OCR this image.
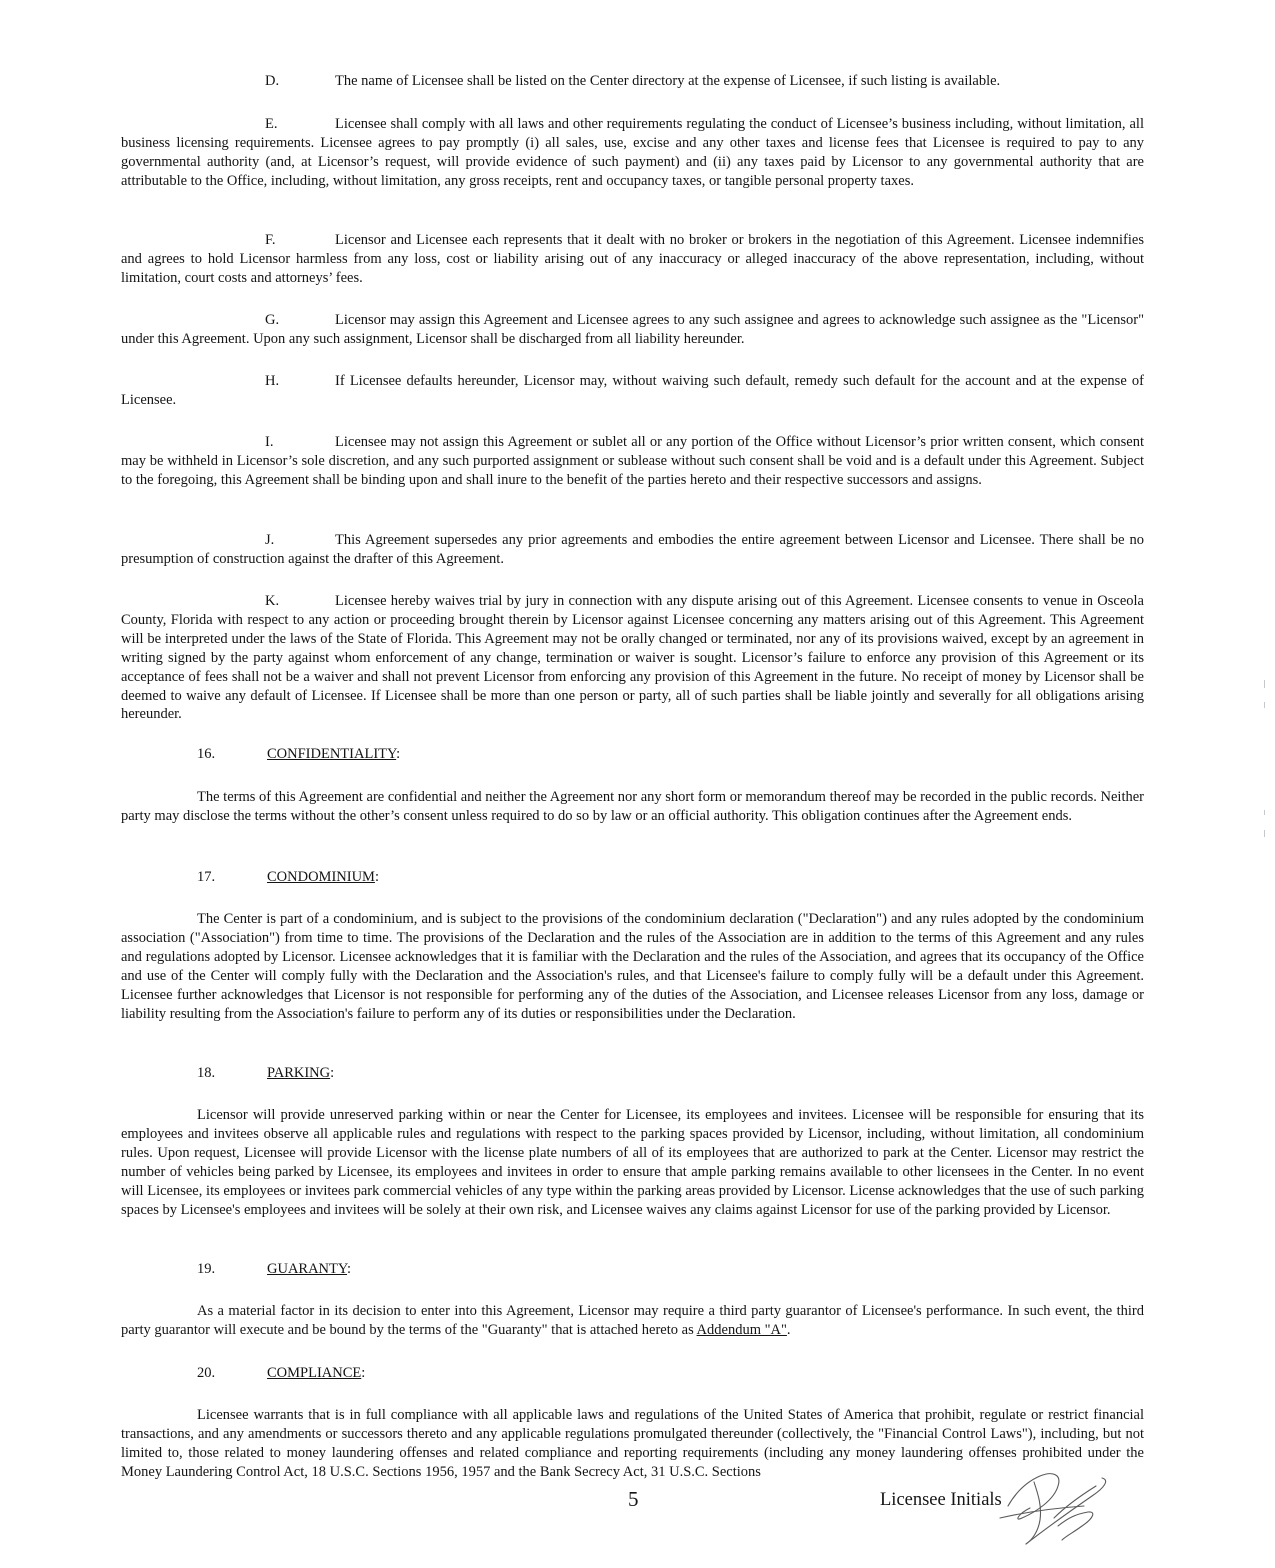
D.	The name of Licensee shall be listed on the Center directory at the expense of Licensee, if such listing is available.

E.	Licensee shall comply with all laws and other requirements regulating the conduct of Licensee’s business including, without limitation, all business licensing requirements. Licensee agrees to pay promptly (i) all sales, use, excise and any other taxes and license fees that Licensee is required to pay to any governmental authority (and, at Licensor’s request, will provide evidence of such payment) and (ii) any taxes paid by Licensor to any governmental authority that are attributable to the Office, including, without limitation, any gross receipts, rent and occupancy taxes, or tangible personal property taxes.

F.	Licensor and Licensee each represents that it dealt with no broker or brokers in the negotiation of this Agreement. Licensee indemnifies and agrees to hold Licensor harmless from any loss, cost or liability arising out of any inaccuracy or alleged inaccuracy of the above representation, including, without limitation, court costs and attorneys’ fees.

G.	Licensor may assign this Agreement and Licensee agrees to any such assignee and agrees to acknowledge such assignee as the "Licensor" under this Agreement. Upon any such assignment, Licensor shall be discharged from all liability hereunder.

H.	If Licensee defaults hereunder, Licensor may, without waiving such default, remedy such default for the account and at the expense of Licensee.

I.	Licensee may not assign this Agreement or sublet all or any portion of the Office without Licensor’s prior written consent, which consent may be withheld in Licensor’s sole discretion, and any such purported assignment or sublease without such consent shall be void and is a default under this Agreement. Subject to the foregoing, this Agreement shall be binding upon and shall inure to the benefit of the parties hereto and their respective successors and assigns.

J.	This Agreement supersedes any prior agreements and embodies the entire agreement between Licensor and Licensee. There shall be no presumption of construction against the drafter of this Agreement.

K.	Licensee hereby waives trial by jury in connection with any dispute arising out of this Agreement. Licensee consents to venue in Osceola County, Florida with respect to any action or proceeding brought therein by Licensor against Licensee concerning any matters arising out of this Agreement. This Agreement will be interpreted under the laws of the State of Florida. This Agreement may not be orally changed or terminated, nor any of its provisions waived, except by an agreement in writing signed by the party against whom enforcement of any change, termination or waiver is sought. Licensor’s failure to enforce any provision of this Agreement or its acceptance of fees shall not be a waiver and shall not prevent Licensor from enforcing any provision of this Agreement in the future. No receipt of money by Licensor shall be deemed to waive any default of Licensee. If Licensee shall be more than one person or party, all of such parties shall be liable jointly and severally for all obligations arising hereunder.

16.	CONFIDENTIALITY:

The terms of this Agreement are confidential and neither the Agreement nor any short form or memorandum thereof may be recorded in the public records. Neither party may disclose the terms without the other’s consent unless required to do so by law or an official authority. This obligation continues after the Agreement ends.

17.	CONDOMINIUM:

The Center is part of a condominium, and is subject to the provisions of the condominium declaration ("Declaration") and any rules adopted by the condominium association ("Association") from time to time. The provisions of the Declaration and the rules of the Association are in addition to the terms of this Agreement and any rules and regulations adopted by Licensor. Licensee acknowledges that it is familiar with the Declaration and the rules of the Association, and agrees that its occupancy of the Office and use of the Center will comply fully with the Declaration and the Association's rules, and that Licensee's failure to comply fully will be a default under this Agreement. Licensee further acknowledges that Licensor is not responsible for performing any of the duties of the Association, and Licensee releases Licensor from any loss, damage or liability resulting from the Association's failure to perform any of its duties or responsibilities under the Declaration.

18.	PARKING:

Licensor will provide unreserved parking within or near the Center for Licensee, its employees and invitees. Licensee will be responsible for ensuring that its employees and invitees observe all applicable rules and regulations with respect to the parking spaces provided by Licensor, including, without limitation, all condominium rules. Upon request, Licensee will provide Licensor with the license plate numbers of all of its employees that are authorized to park at the Center. Licensor may restrict the number of vehicles being parked by Licensee, its employees and invitees in order to ensure that ample parking remains available to other licensees in the Center. In no event will Licensee, its employees or invitees park commercial vehicles of any type within the parking areas provided by Licensor. License acknowledges that the use of such parking spaces by Licensee's employees and invitees will be solely at their own risk, and Licensee waives any claims against Licensor for use of the parking provided by Licensor.

19.	GUARANTY:

As a material factor in its decision to enter into this Agreement, Licensor may require a third party guarantor of Licensee's performance. In such event, the third party guarantor will execute and be bound by the terms of the "Guaranty" that is attached hereto as Addendum "A".

20.	COMPLIANCE:

Licensee warrants that is in full compliance with all applicable laws and regulations of the United States of America that prohibit, regulate or restrict financial transactions, and any amendments or successors thereto and any applicable regulations promulgated thereunder (collectively, the "Financial Control Laws"), including, but not limited to, those related to money laundering offenses and related compliance and reporting requirements (including any money laundering offenses prohibited under the Money Laundering Control Act, 18 U.S.C. Sections 1956, 1957 and the Bank Secrecy Act, 31 U.S.C. Sections

5	Licensee Initials
